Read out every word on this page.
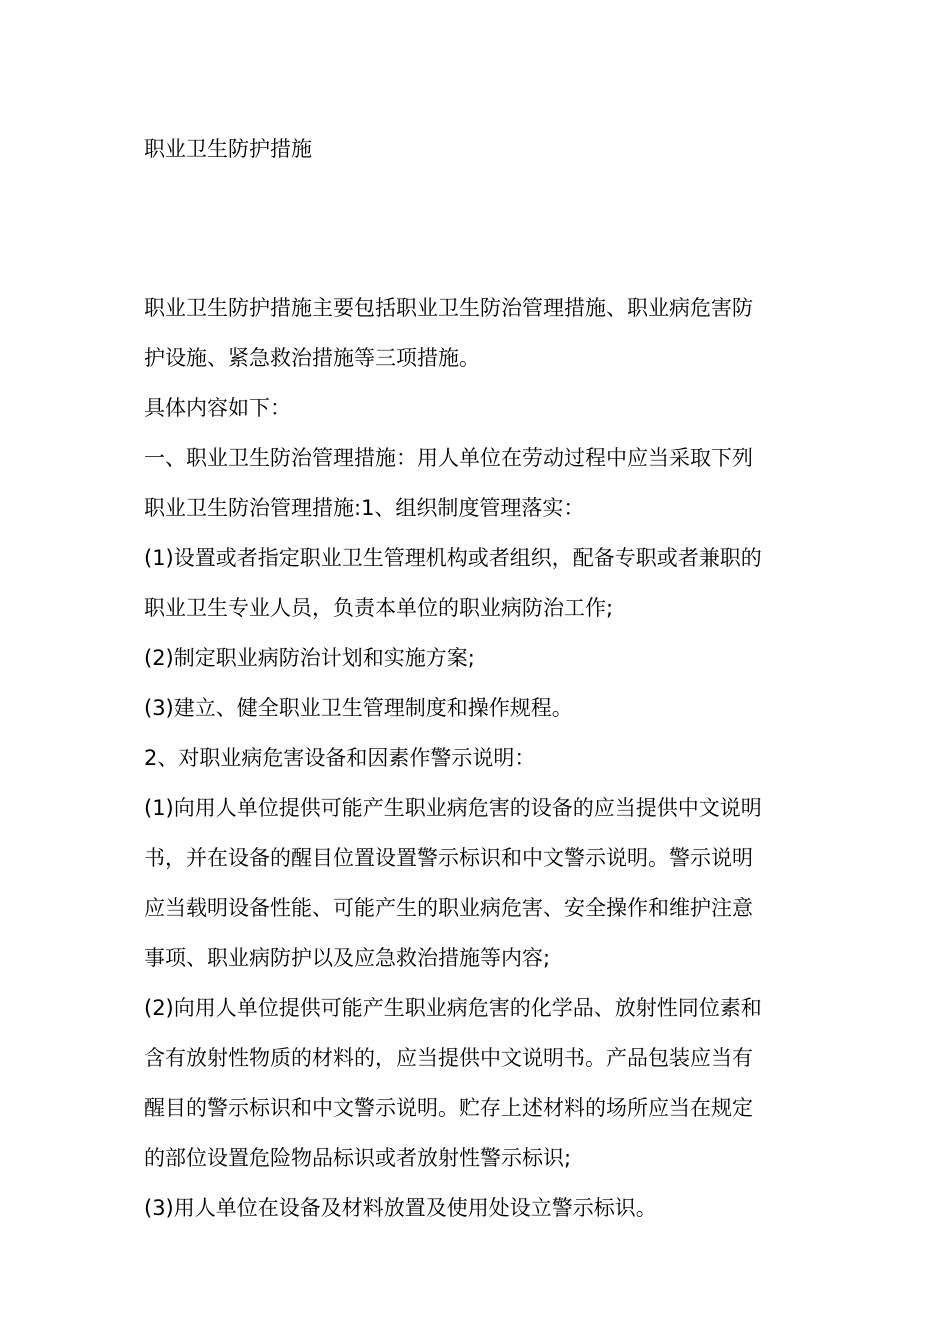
职业卫生防护措施
职业卫生防护措施主要包括职业卫生防治管理措施、职业病危害防
护设施、紧急救治措施等三项措施。
具体内容如下：
一、职业卫生防治管理措施：用人单位在劳动过程中应当采取下列
职业卫生防治管理措施:1、组织制度管理落实：
(1)设置或者指定职业卫生管理机构或者组织，配备专职或者兼职的
职业卫生专业人员，负责本单位的职业病防治工作;
(2)制定职业病防治计划和实施方案;
(3)建立、健全职业卫生管理制度和操作规程。
2、对职业病危害设备和因素作警示说明：
(1)向用人单位提供可能产生职业病危害的设备的应当提供中文说明
书，并在设备的醒目位置设置警示标识和中文警示说明。警示说明
应当载明设备性能、可能产生的职业病危害、安全操作和维护注意
事项、职业病防护以及应急救治措施等内容;
(2)向用人单位提供可能产生职业病危害的化学品、放射性同位素和
含有放射性物质的材料的，应当提供中文说明书。产品包装应当有
醒目的警示标识和中文警示说明。贮存上述材料的场所应当在规定
的部位设置危险物品标识或者放射性警示标识;
(3)用人单位在设备及材料放置及使用处设立警示标识。
